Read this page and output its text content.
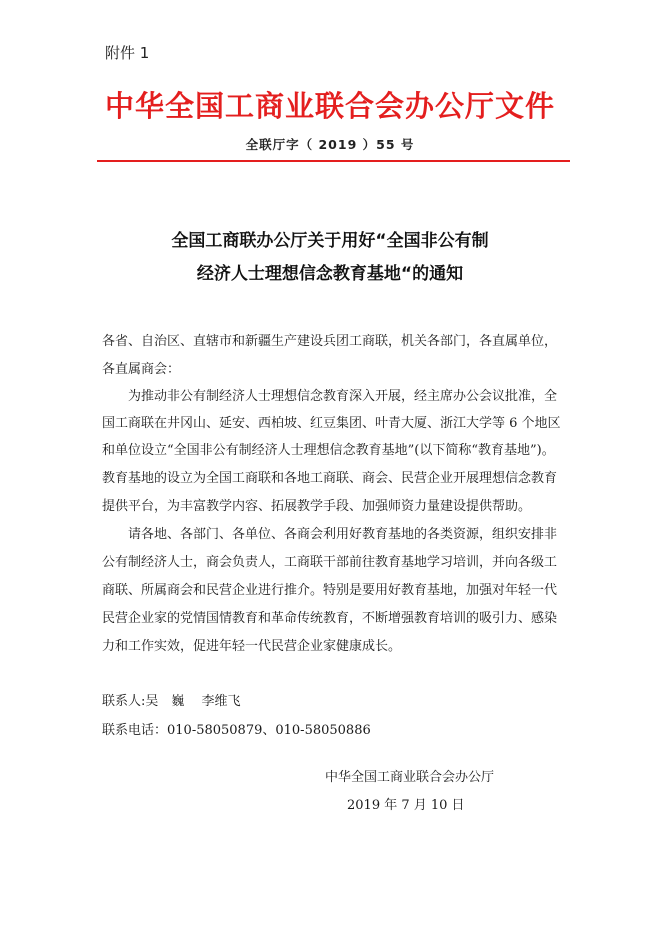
附件 1
中华全国工商业联合会办公厅文件
全联厅字（ 2019 ）55 号
全国工商联办公厅关于用好“全国非公有制
经济人士理想信念教育基地“的通知
各省、自治区、直辖市和新疆生产建设兵团工商联，机关各部门，各直属单位，
各直属商会：
为推动非公有制经济人士理想信念教育深入开展，经主席办公会议批准，全
国工商联在井冈山、延安、西柏坡、红豆集团、叶青大厦、浙江大学等 6 个地区
和单位设立“全国非公有制经济人士理想信念教育基地”(以下简称“教育基地”)。
教育基地的设立为全国工商联和各地工商联、商会、民营企业开展理想信念教育
提供平台，为丰富教学内容、拓展教学手段、加强师资力量建设提供帮助。
请各地、各部门、各单位、各商会利用好教育基地的各类资源，组织安排非
公有制经济人士，商会负责人，工商联干部前往教育基地学习培训，并向各级工
商联、所属商会和民营企业进行推介。特别是要用好教育基地，加强对年轻一代
民营企业家的党情国情教育和革命传统教育，不断增强教育培训的吸引力、感染
力和工作实效，促进年轻一代民营企业家健康成长。
联系人:吴　巍　 李维飞
联系电话：010-58050879、010-58050886
中华全国工商业联合会办公厅
2019 年 7 月 10 日
